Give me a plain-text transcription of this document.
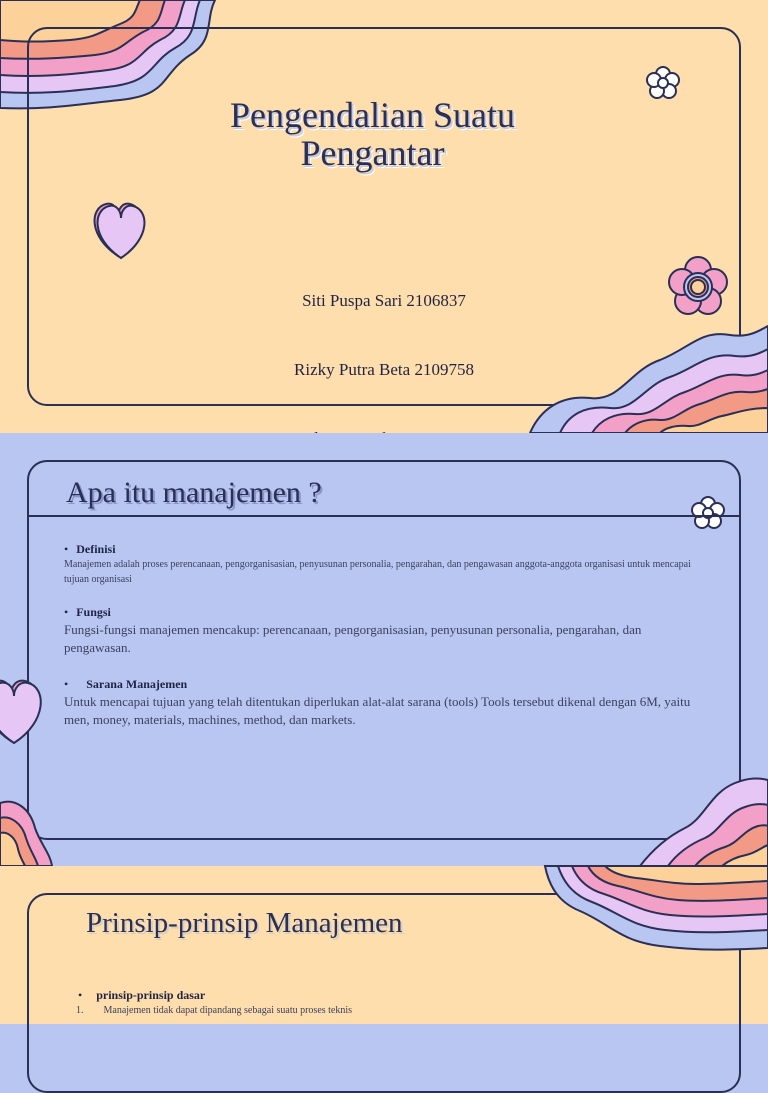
Pengendalian Suatu
Pengantar

Siti Puspa Sari 2106837

Rizky Putra Beta 2109758

Apa itu manajemen ?
• Definisi
Manajemen adalah proses perencanaan, pengorganisasian, penyusunan personalia, pengarahan, dan pengawasan anggota-anggota organisasi untuk mencapai tujuan organisasi
• Fungsi
Fungsi-fungsi manajemen mencakup: perencanaan, pengorganisasian, penyusunan personalia, pengarahan, dan pengawasan.
• Sarana Manajemen
Untuk mencapai tujuan yang telah ditentukan diperlukan alat-alat sarana (tools) Tools tersebut dikenal dengan 6M, yaitu men, money, materials, machines, method, dan markets.
Prinsip-prinsip Manajemen
• prinsip-prinsip dasar
1. Manajemen tidak dapat dipandang sebagai suatu proses teknis
